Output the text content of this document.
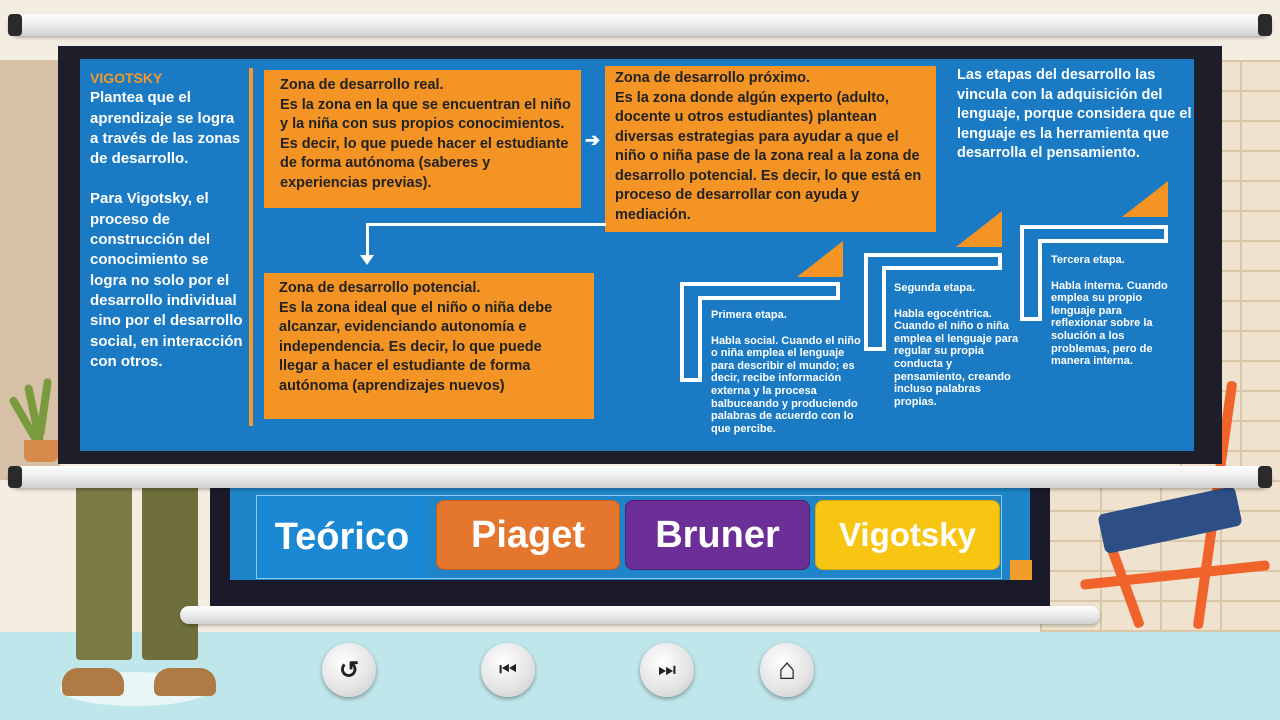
VIGOTSKY
Plantea que el aprendizaje se logra a través de las zonas de desarrollo.
Para Vigotsky, el proceso de construcción del conocimiento se logra no solo por el desarrollo individual sino por el desarrollo social, en interacción con otros.
Zona de desarrollo real.
Es la zona en la que se encuentran el niño y la niña con sus propios conocimientos. Es decir, lo que puede hacer el estudiante de forma autónoma (saberes y experiencias previas).
➔
Zona de desarrollo próximo.
Es la zona donde algún experto (adulto, docente u otros estudiantes) plantean diversas estrategias para ayudar a que el niño o niña pase de la zona real a la zona de desarrollo potencial. Es decir, lo que está en proceso de desarrollar con ayuda y mediación.
Zona de desarrollo potencial.
Es la zona ideal que el niño o niña debe alcanzar, evidenciando autonomía e independencia. Es decir, lo que puede llegar a hacer el estudiante de forma autónoma (aprendizajes nuevos)
Las etapas del desarrollo las vincula con la adquisición del lenguaje, porque considera que el lenguaje es la herramienta que desarrolla el pensamiento.
Primera etapa.
Habla social. Cuando el niño o niña emplea el lenguaje para describir el mundo; es decir, recibe información externa y la procesa balbuceando y produciendo palabras de acuerdo con lo que percibe.
Segunda etapa.
Habla egocéntrica. Cuando el niño o niña emplea el lenguaje para regular su propia conducta y pensamiento, creando incluso palabras propias.
Tercera etapa.
Habla interna. Cuando emplea su propio lenguaje para reflexionar sobre la solución a los problemas, pero de manera interna.
Teórico	Piaget	Bruner	Vigotsky
↺	⏮	⏭	⌂
